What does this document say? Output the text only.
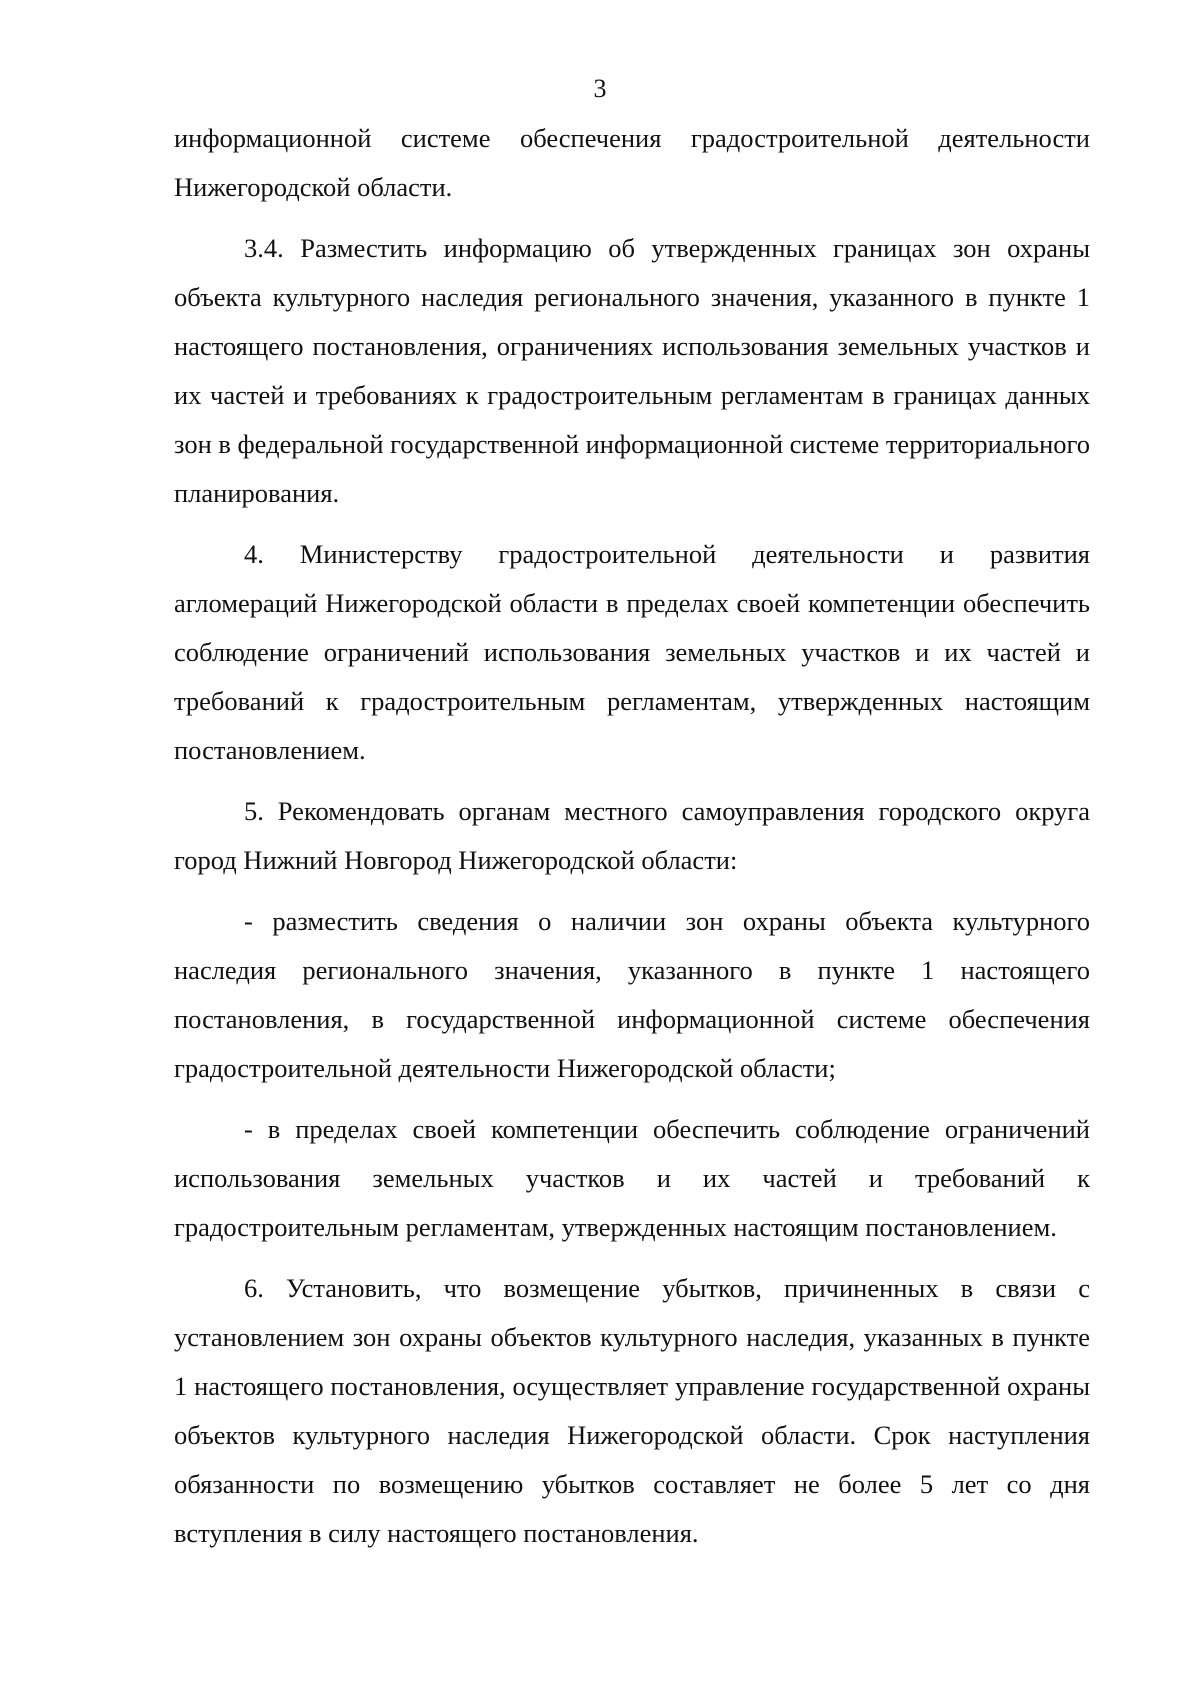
3

информационной системе обеспечения градостроительной деятельности Нижегородской области.

3.4. Разместить информацию об утвержденных границах зон охраны объекта культурного наследия регионального значения, указанного в пункте 1 настоящего постановления, ограничениях использования земельных участков и их частей и требованиях к градостроительным регламентам в границах данных зон в федеральной государственной информационной системе территориального планирования.

4. Министерству градостроительной деятельности и развития агломераций Нижегородской области в пределах своей компетенции обеспечить соблюдение ограничений использования земельных участков и их частей и требований к градостроительным регламентам, утвержденных настоящим постановлением.

5. Рекомендовать органам местного самоуправления городского округа город Нижний Новгород Нижегородской области:

- разместить сведения о наличии зон охраны объекта культурного наследия регионального значения, указанного в пункте 1 настоящего постановления, в государственной информационной системе обеспечения градостроительной деятельности Нижегородской области;

- в пределах своей компетенции обеспечить соблюдение ограничений использования земельных участков и их частей и требований к градостроительным регламентам, утвержденных настоящим постановлением.

6. Установить, что возмещение убытков, причиненных в связи с установлением зон охраны объектов культурного наследия, указанных в пункте 1 настоящего постановления, осуществляет управление государственной охраны объектов культурного наследия Нижегородской области. Срок наступления обязанности по возмещению убытков составляет не более 5 лет со дня вступления в силу настоящего постановления.
